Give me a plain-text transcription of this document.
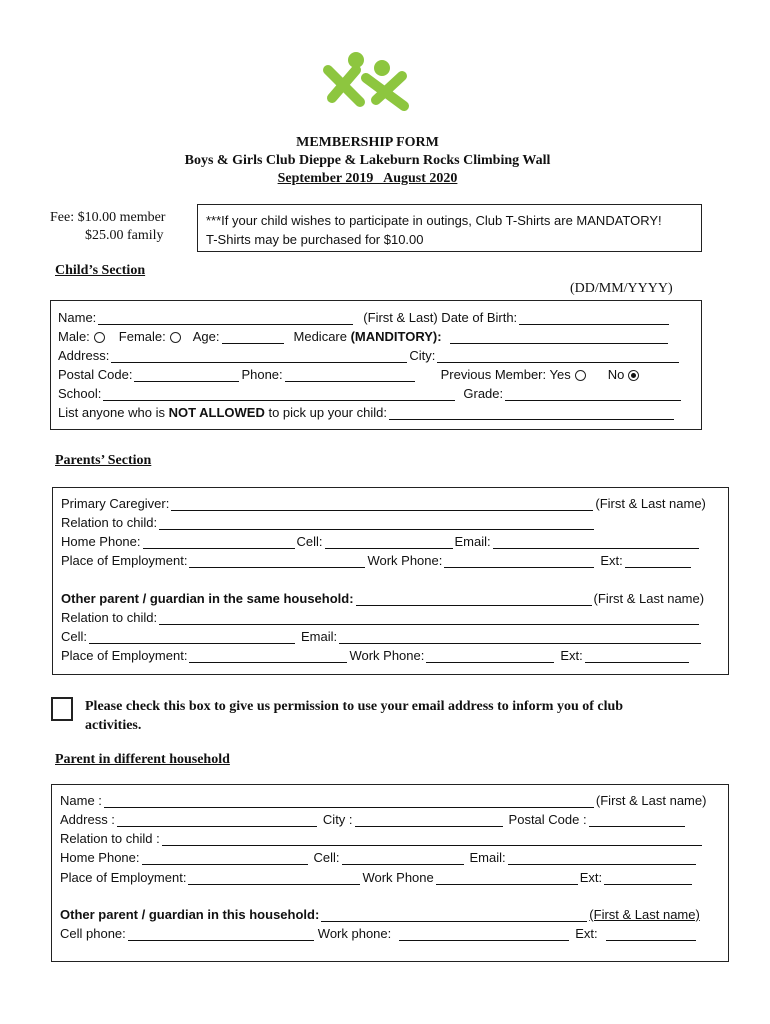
MEMBERSHIP FORM
Boys & Girls Club Dieppe & Lakeburn Rocks Climbing Wall
September 2019   August 2020
Fee: $10.00 member
$25.00 family
***If your child wishes to participate in outings, Club T-Shirts are MANDATORY!
T-Shirts may be purchased for $10.00
Child’s Section
(DD/MM/YYYY)
Name:	(First & Last) Date of Birth:
Male: Female: Age:	Medicare (MANDITORY):
Address:	City:
Postal Code:	Phone:	Previous Member: Yes	No
School:	Grade:
List anyone who is NOT ALLOWED to pick up your child:
Parents’ Section
Primary Caregiver:	(First & Last name)
Relation to child:
Home Phone:	Cell:	Email:
Place of Employment:	Work Phone:	Ext:
Other parent / guardian in the same household:	(First & Last name)
Relation to child:
Cell:	Email:
Place of Employment:	Work Phone:	Ext:
Please check this box to give us permission to use your email address to inform you of club
activities.
Parent in different household
Name :	(First & Last name)
Address :	City :	Postal Code :
Relation to child :
Home Phone:	Cell:	Email:
Place of Employment:	Work Phone	Ext:
Other parent / guardian in this household:	(First & Last name)
Cell phone:	Work phone:	Ext:
